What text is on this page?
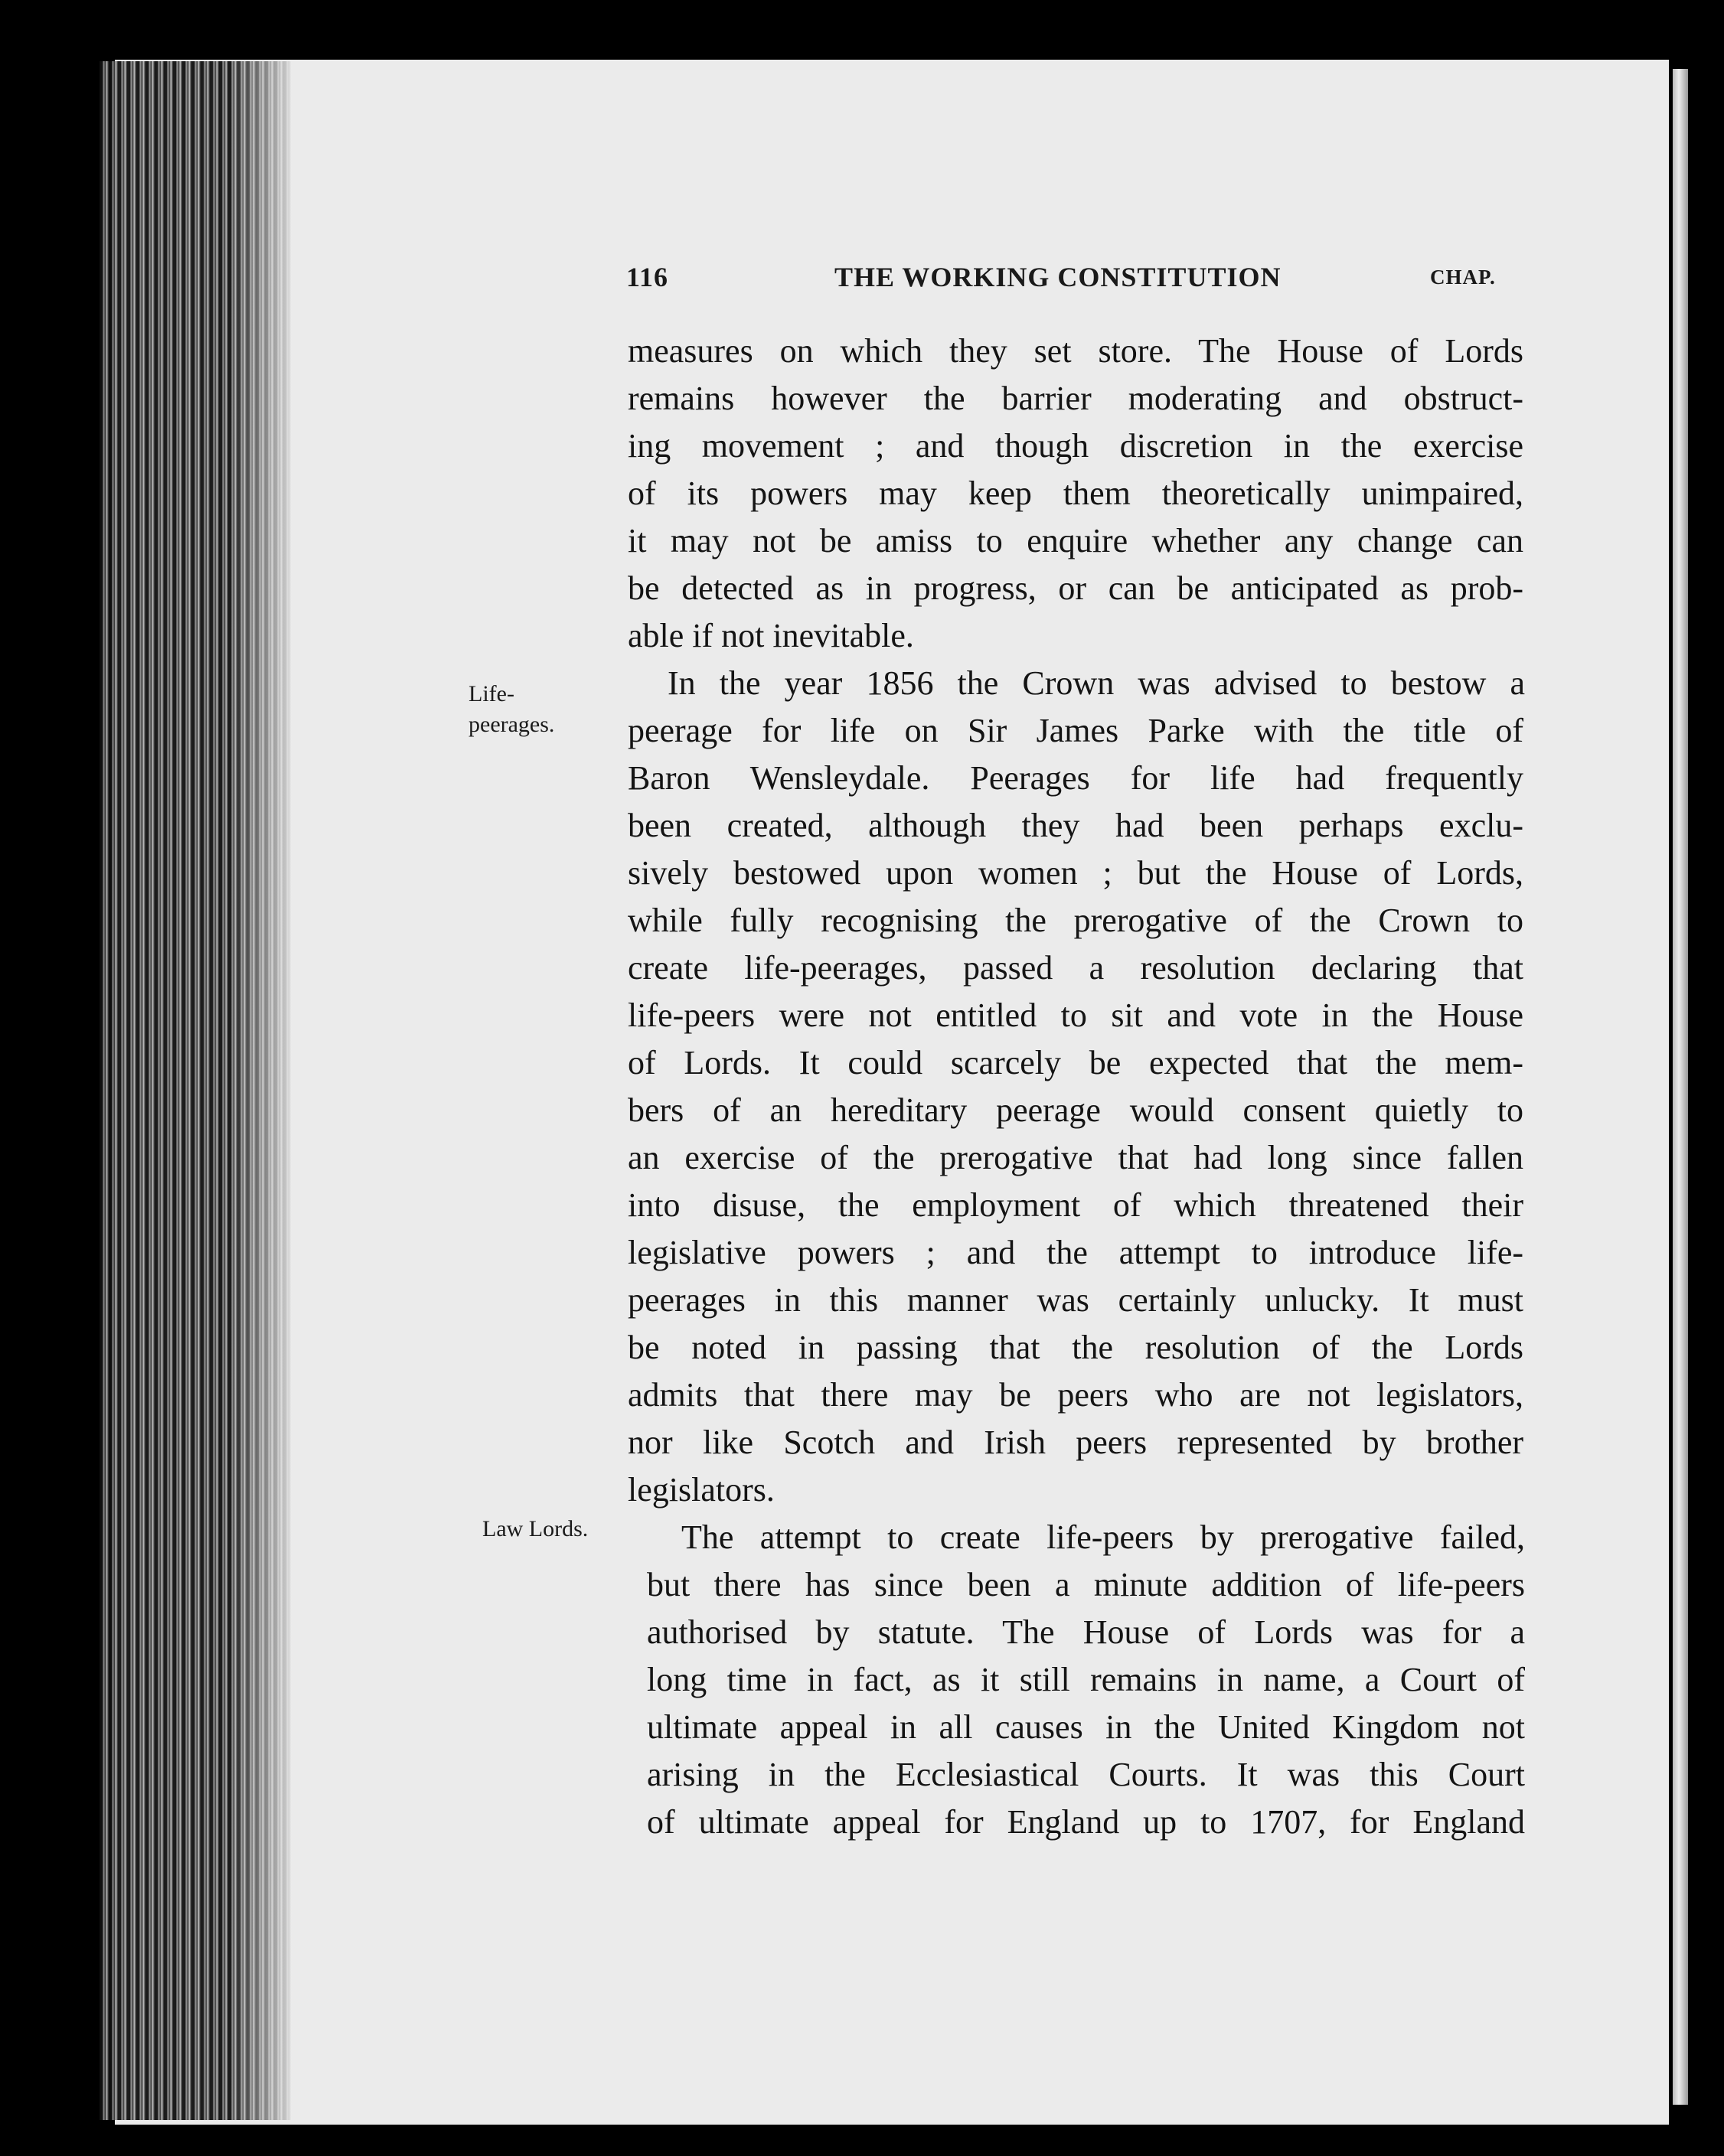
116	THE WORKING CONSTITUTION	CHAP.
Life-
peerages.
Law Lords.
measures on which they set store. The House of Lords
remains however the barrier moderating and obstruct-
ing movement ; and though discretion in the exercise
of its powers may keep them theoretically unimpaired,
it may not be amiss to enquire whether any change can
be detected as in progress, or can be anticipated as prob-
able if not inevitable.
In the year 1856 the Crown was advised to bestow a
peerage for life on Sir James Parke with the title of
Baron Wensleydale. Peerages for life had frequently
been created, although they had been perhaps exclu-
sively bestowed upon women ; but the House of Lords,
while fully recognising the prerogative of the Crown to
create life-peerages, passed a resolution declaring that
life-peers were not entitled to sit and vote in the House
of Lords. It could scarcely be expected that the mem-
bers of an hereditary peerage would consent quietly to
an exercise of the prerogative that had long since fallen
into disuse, the employment of which threatened their
legislative powers ; and the attempt to introduce life-
peerages in this manner was certainly unlucky. It must
be noted in passing that the resolution of the Lords
admits that there may be peers who are not legislators,
nor like Scotch and Irish peers represented by brother
legislators.
The attempt to create life-peers by prerogative failed,
but there has since been a minute addition of life-peers
authorised by statute. The House of Lords was for a
long time in fact, as it still remains in name, a Court of
ultimate appeal in all causes in the United Kingdom not
arising in the Ecclesiastical Courts. It was this Court
of ultimate appeal for England up to 1707, for England
